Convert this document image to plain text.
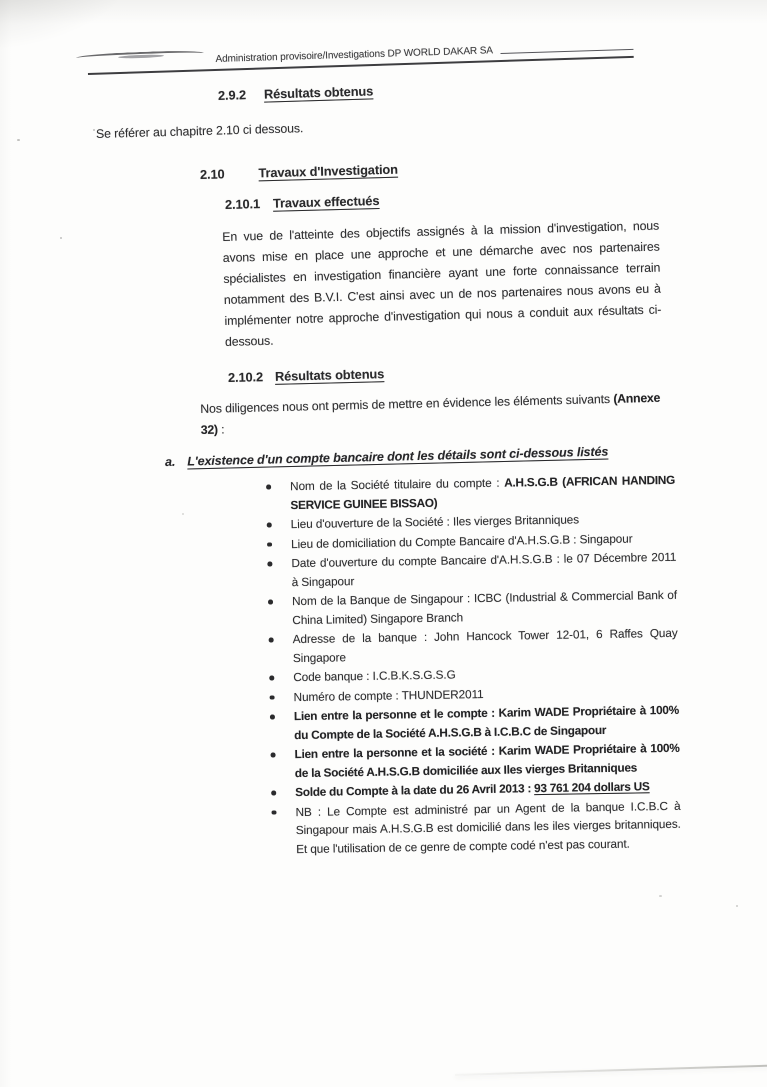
Administration provisoire/Investigations DP WORLD DAKAR SA
2.9.2 Résultats obtenus

Se référer au chapitre 2.10 ci dessous.

2.10	Travaux d'Investigation
2.10.1 Travaux effectués

En vue de l'atteinte des objectifs assignés à la mission d'investigation, nous avons mise en place une approche et une démarche avec nos partenaires spécialistes en investigation financière ayant une forte connaissance terrain notamment des B.V.I. C'est ainsi avec un de nos partenaires nous avons eu à implémenter notre approche d'investigation qui nous a conduit aux résultats ci-dessous.

2.10.2 Résultats obtenus

Nos diligences nous ont permis de mettre en évidence les éléments suivants (Annexe 32) :

a. L'existence d'un compte bancaire dont les détails sont ci-dessous listés
Nom de la Société titulaire du compte : A.H.S.G.B (AFRICAN HANDING SERVICE GUINEE BISSAO)
Lieu d'ouverture de la Société : Iles vierges Britanniques
Lieu de domiciliation du Compte Bancaire d'A.H.S.G.B : Singapour
Date d'ouverture du compte Bancaire d'A.H.S.G.B : le 07 Décembre 2011 à Singapour
Nom de la Banque de Singapour : ICBC (Industrial & Commercial Bank of China Limited) Singapore Branch
Adresse de la banque : John Hancock Tower 12-01, 6 Raffes Quay Singapore
Code banque : I.C.B.K.S.G.S.G
Numéro de compte : THUNDER2011
Lien entre la personne et le compte : Karim WADE Propriétaire à 100% du Compte de la Société A.H.S.G.B à I.C.B.C de Singapour
Lien entre la personne et la société : Karim WADE Propriétaire à 100% de la Société A.H.S.G.B domiciliée aux Iles vierges Britanniques
Solde du Compte à la date du 26 Avril 2013 : 93 761 204 dollars US
NB : Le Compte est administré par un Agent de la banque I.C.B.C à Singapour mais A.H.S.G.B est domicilié dans les iles vierges britanniques. Et que l'utilisation de ce genre de compte codé n'est pas courant.
